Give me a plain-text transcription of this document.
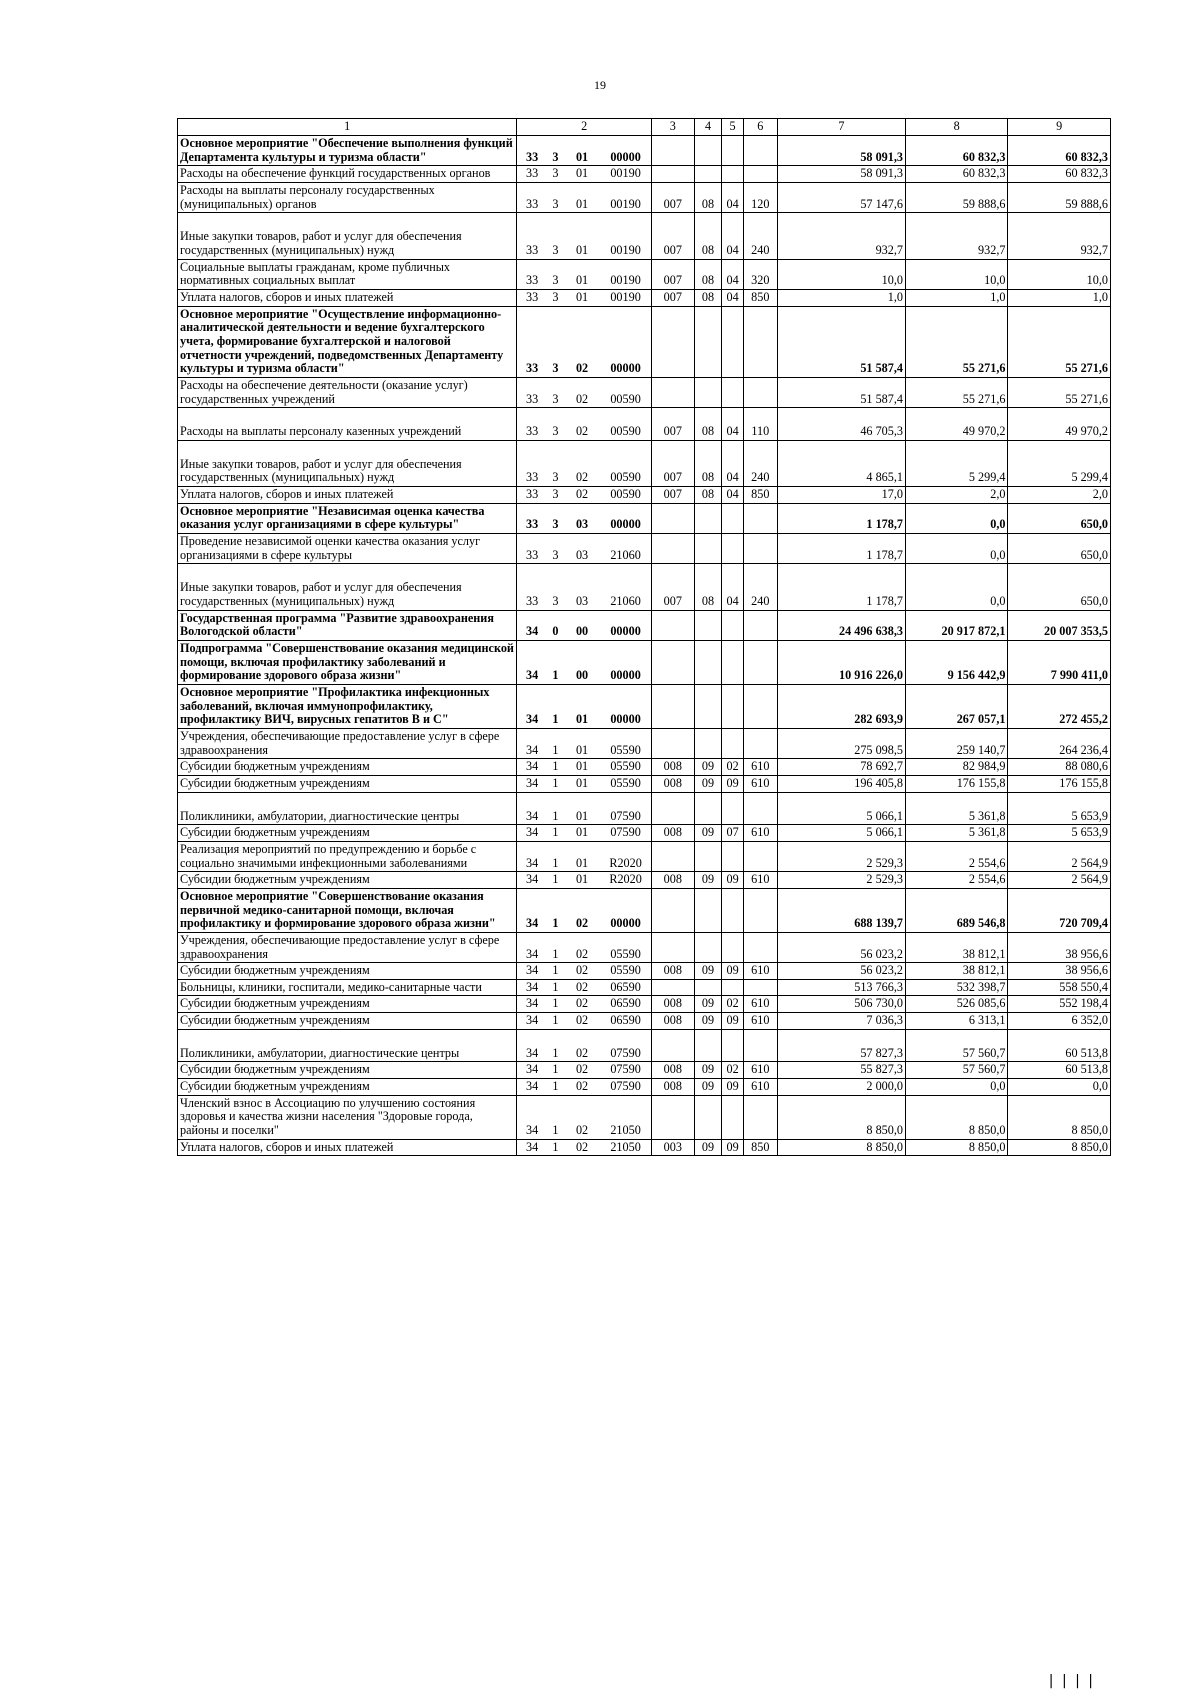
19
1	2				3	4	5	6	7	8	9
Основное мероприятие "Обеспечение выполнения функций Департамента культуры и туризма области"	33	3	01	00000					58 091,3	60 832,3	60 832,3
Расходы на обеспечение функций государственных органов	33	3	01	00190					58 091,3	60 832,3	60 832,3
Расходы на выплаты персоналу государственных (муниципальных) органов	33	3	01	00190	007	08	04	120	57 147,6	59 888,6	59 888,6
Иные закупки товаров, работ и услуг для обеспечения государственных (муниципальных) нужд	33	3	01	00190	007	08	04	240	932,7	932,7	932,7
Социальные выплаты гражданам, кроме публичных нормативных социальных выплат	33	3	01	00190	007	08	04	320	10,0	10,0	10,0
Уплата налогов, сборов и иных платежей	33	3	01	00190	007	08	04	850	1,0	1,0	1,0
Основное мероприятие "Осуществление информационно-аналитической деятельности и ведение бухгалтерского учета, формирование бухгалтерской и налоговой отчетности учреждений, подведомственных Департаменту культуры и туризма области"	33	3	02	00000					51 587,4	55 271,6	55 271,6
Расходы на обеспечение деятельности (оказание услуг) государственных учреждений	33	3	02	00590					51 587,4	55 271,6	55 271,6
Расходы на выплаты персоналу казенных учреждений	33	3	02	00590	007	08	04	110	46 705,3	49 970,2	49 970,2
Иные закупки товаров, работ и услуг для обеспечения государственных (муниципальных) нужд	33	3	02	00590	007	08	04	240	4 865,1	5 299,4	5 299,4
Уплата налогов, сборов и иных платежей	33	3	02	00590	007	08	04	850	17,0	2,0	2,0
Основное мероприятие "Независимая оценка качества оказания услуг организациями в сфере культуры"	33	3	03	00000					1 178,7	0,0	650,0
Проведение независимой оценки качества оказания услуг организациями в сфере культуры	33	3	03	21060					1 178,7	0,0	650,0
Иные закупки товаров, работ и услуг для обеспечения государственных (муниципальных) нужд	33	3	03	21060	007	08	04	240	1 178,7	0,0	650,0
Государственная программа "Развитие здравоохранения Вологодской области"	34	0	00	00000					24 496 638,3	20 917 872,1	20 007 353,5
Подпрограмма "Совершенствование оказания медицинской помощи, включая профилактику заболеваний и формирование здорового образа жизни"	34	1	00	00000					10 916 226,0	9 156 442,9	7 990 411,0
Основное мероприятие "Профилактика инфекционных заболеваний, включая иммунопрофилактику, профилактику ВИЧ, вирусных гепатитов В и С"	34	1	01	00000					282 693,9	267 057,1	272 455,2
Учреждения, обеспечивающие предоставление услуг в сфере здравоохранения	34	1	01	05590					275 098,5	259 140,7	264 236,4
Субсидии бюджетным учреждениям	34	1	01	05590	008	09	02	610	78 692,7	82 984,9	88 080,6
Субсидии бюджетным учреждениям	34	1	01	05590	008	09	09	610	196 405,8	176 155,8	176 155,8
Поликлиники, амбулатории, диагностические центры	34	1	01	07590					5 066,1	5 361,8	5 653,9
Субсидии бюджетным учреждениям	34	1	01	07590	008	09	07	610	5 066,1	5 361,8	5 653,9
Реализация мероприятий по предупреждению и борьбе с социально значимыми инфекционными заболеваниями	34	1	01	R2020					2 529,3	2 554,6	2 564,9
Субсидии бюджетным учреждениям	34	1	01	R2020	008	09	09	610	2 529,3	2 554,6	2 564,9
Основное мероприятие "Совершенствование оказания первичной медико-санитарной помощи, включая профилактику и формирование здорового образа жизни"	34	1	02	00000					688 139,7	689 546,8	720 709,4
Учреждения, обеспечивающие предоставление услуг в сфере здравоохранения	34	1	02	05590					56 023,2	38 812,1	38 956,6
Субсидии бюджетным учреждениям	34	1	02	05590	008	09	09	610	56 023,2	38 812,1	38 956,6
Больницы, клиники, госпитали, медико-санитарные части	34	1	02	06590					513 766,3	532 398,7	558 550,4
Субсидии бюджетным учреждениям	34	1	02	06590	008	09	02	610	506 730,0	526 085,6	552 198,4
Субсидии бюджетным учреждениям	34	1	02	06590	008	09	09	610	7 036,3	6 313,1	6 352,0
Поликлиники, амбулатории, диагностические центры	34	1	02	07590					57 827,3	57 560,7	60 513,8
Субсидии бюджетным учреждениям	34	1	02	07590	008	09	02	610	55 827,3	57 560,7	60 513,8
Субсидии бюджетным учреждениям	34	1	02	07590	008	09	09	610	2 000,0	0,0	0,0
Членский взнос в Ассоциацию по улучшению состояния здоровья и качества жизни населения "Здоровые города, районы и поселки"	34	1	02	21050					8 850,0	8 850,0	8 850,0
Уплата налогов, сборов и иных платежей	34	1	02	21050	003	09	09	850	8 850,0	8 850,0	8 850,0
| | | |
